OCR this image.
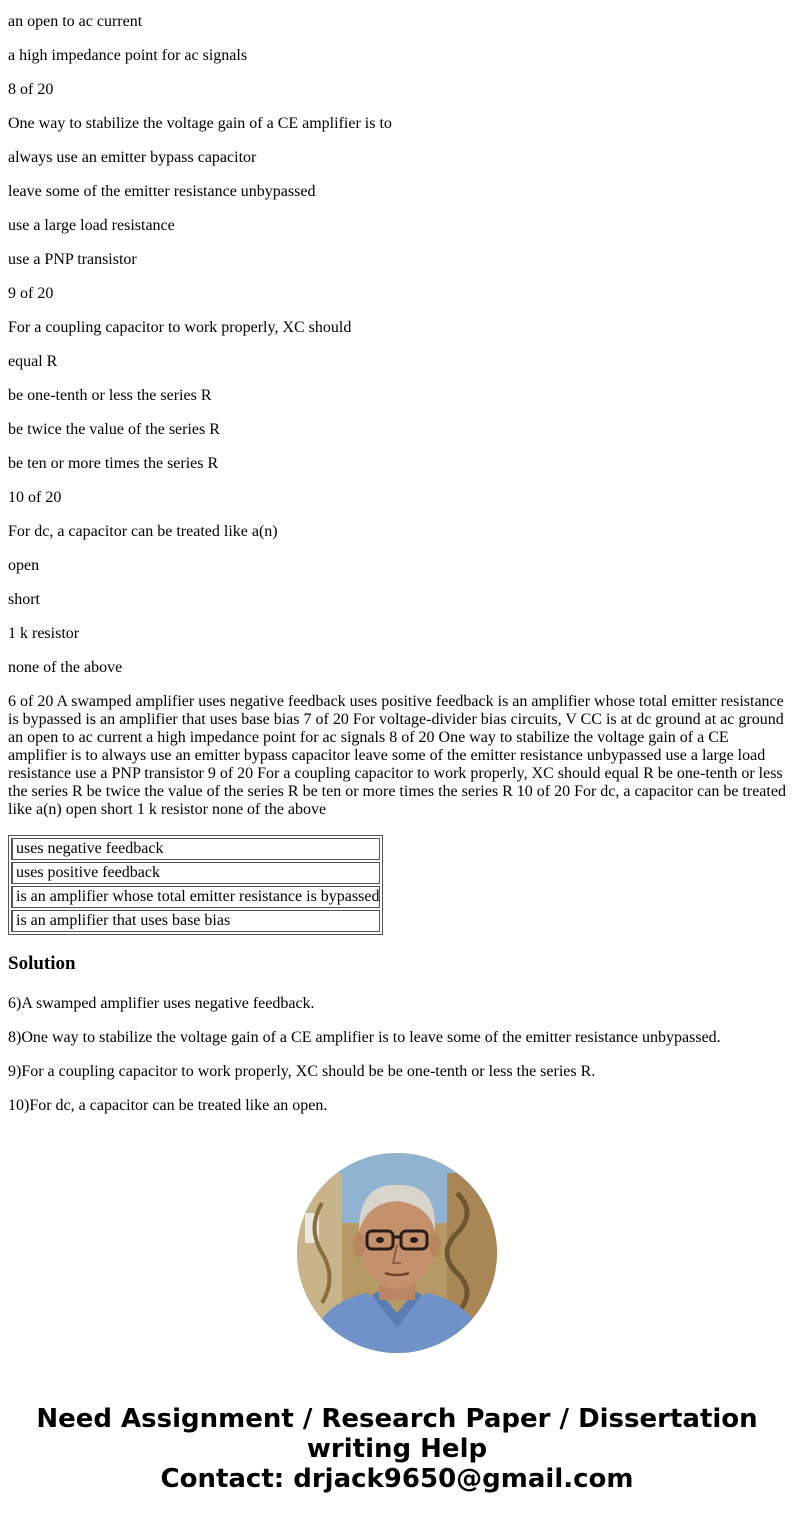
an open to ac current

a high impedance point for ac signals

8 of 20

One way to stabilize the voltage gain of a CE amplifier is to

always use an emitter bypass capacitor

leave some of the emitter resistance unbypassed

use a large load resistance

use a PNP transistor

9 of 20

For a coupling capacitor to work properly, XC should

equal R

be one-tenth or less the series R

be twice the value of the series R

be ten or more times the series R

10 of 20

For dc, a capacitor can be treated like a(n)

open

short

1 k resistor

none of the above

6 of 20 A swamped amplifier uses negative feedback uses positive feedback is an amplifier whose total emitter resistance is bypassed is an amplifier that uses base bias 7 of 20 For voltage-divider bias circuits, V CC is at dc ground at ac ground an open to ac current a high impedance point for ac signals 8 of 20 One way to stabilize the voltage gain of a CE amplifier is to always use an emitter bypass capacitor leave some of the emitter resistance unbypassed use a large load resistance use a PNP transistor 9 of 20 For a coupling capacitor to work properly, XC should equal R be one-tenth or less the series R be twice the value of the series R be ten or more times the series R 10 of 20 For dc, a capacitor can be treated like a(n) open short 1 k resistor none of the above

uses negative feedback
uses positive feedback
is an amplifier whose total emitter resistance is bypassed
is an amplifier that uses base bias
Solution

6)A swamped amplifier uses negative feedback.

8)One way to stabilize the voltage gain of a CE amplifier is to leave some of the emitter resistance unbypassed.

9)For a coupling capacitor to work properly, XC should be be one-tenth or less the series R.

10)For dc, a capacitor can be treated like an open.

Need Assignment / Research Paper / Dissertation
writing Help
Contact: drjack9650@gmail.com
